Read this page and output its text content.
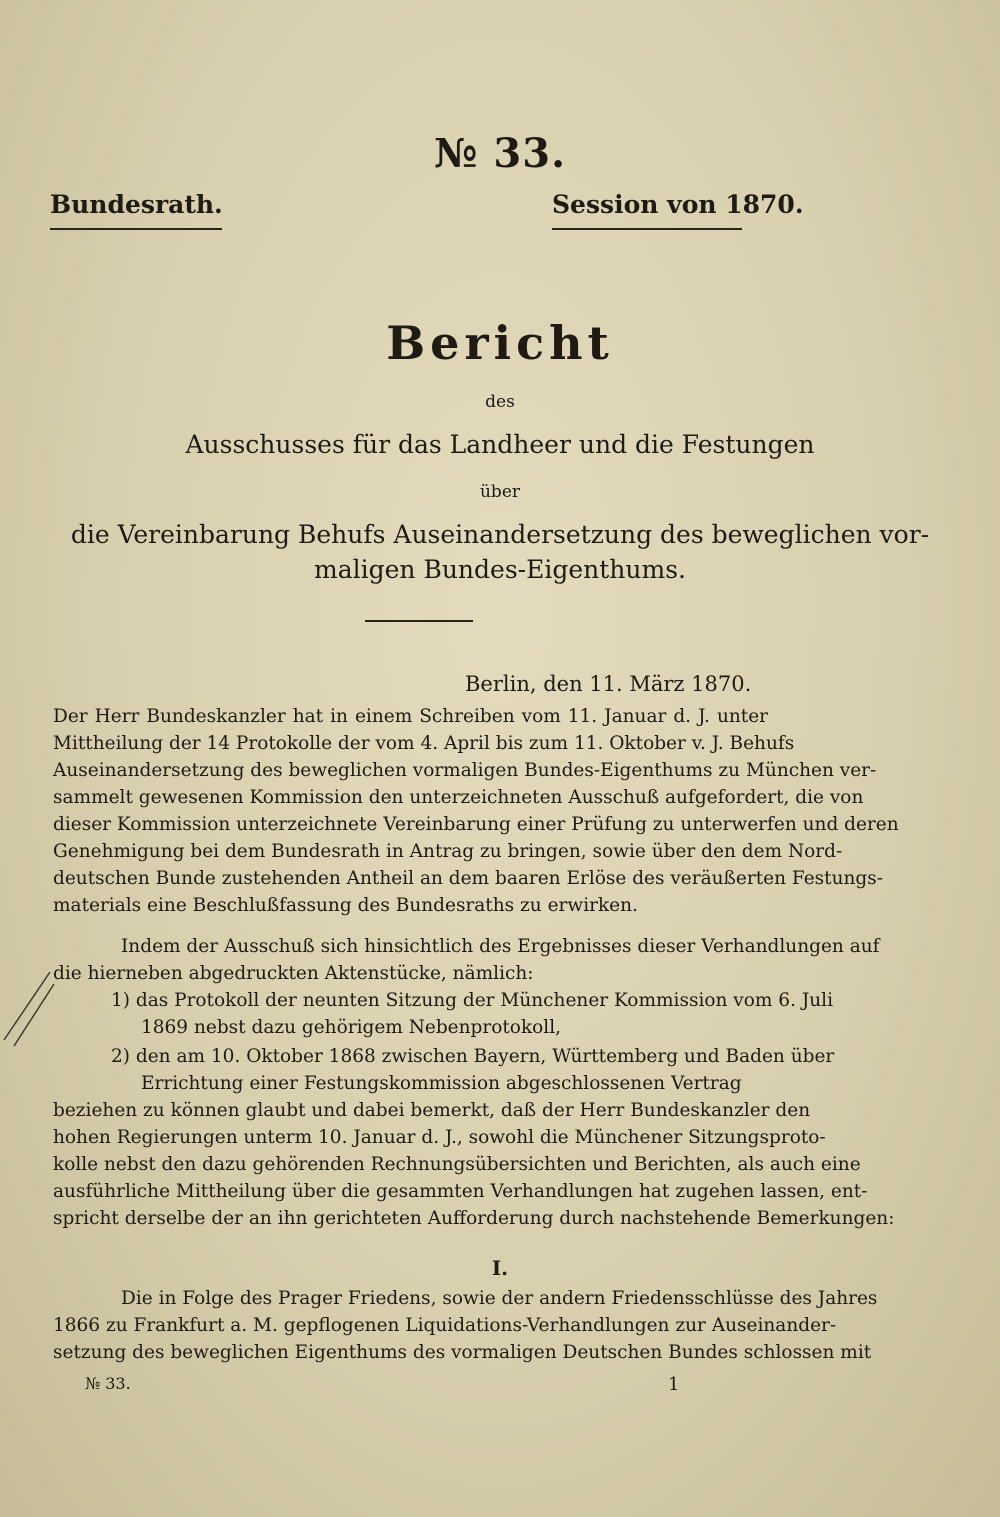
№ 33.
Bundesrath.	Session von 1870.
Bericht
des
Ausschusses für das Landheer und die Festungen
über
die Vereinbarung Behufs Auseinandersetzung des beweglichen vor-
maligen Bundes-Eigenthums.
Berlin, den 11. März 1870.
Der Herr Bundeskanzler hat in einem Schreiben vom 11. Januar d. J. unter
Mittheilung der 14 Protokolle der vom 4. April bis zum 11. Oktober v. J. Behufs
Auseinandersetzung des beweglichen vormaligen Bundes-Eigenthums zu München ver-
sammelt gewesenen Kommission den unterzeichneten Ausschuß aufgefordert, die von
dieser Kommission unterzeichnete Vereinbarung einer Prüfung zu unterwerfen und deren
Genehmigung bei dem Bundesrath in Antrag zu bringen, sowie über den dem Nord-
deutschen Bunde zustehenden Antheil an dem baaren Erlöse des veräußerten Festungs-
materials eine Beschlußfassung des Bundesraths zu erwirken.
Indem der Ausschuß sich hinsichtlich des Ergebnisses dieser Verhandlungen auf
die hierneben abgedruckten Aktenstücke, nämlich:
1) das Protokoll der neunten Sitzung der Münchener Kommission vom 6. Juli
1869 nebst dazu gehörigem Nebenprotokoll,
2) den am 10. Oktober 1868 zwischen Bayern, Württemberg und Baden über
Errichtung einer Festungskommission abgeschlossenen Vertrag
beziehen zu können glaubt und dabei bemerkt, daß der Herr Bundeskanzler den
hohen Regierungen unterm 10. Januar d. J., sowohl die Münchener Sitzungsproto-
kolle nebst den dazu gehörenden Rechnungsübersichten und Berichten, als auch eine
ausführliche Mittheilung über die gesammten Verhandlungen hat zugehen lassen, ent-
spricht derselbe der an ihn gerichteten Aufforderung durch nachstehende Bemerkungen:
I.
Die in Folge des Prager Friedens, sowie der andern Friedensschlüsse des Jahres
1866 zu Frankfurt a. M. gepflogenen Liquidations-Verhandlungen zur Auseinander-
setzung des beweglichen Eigenthums des vormaligen Deutschen Bundes schlossen mit
№ 33.	1
